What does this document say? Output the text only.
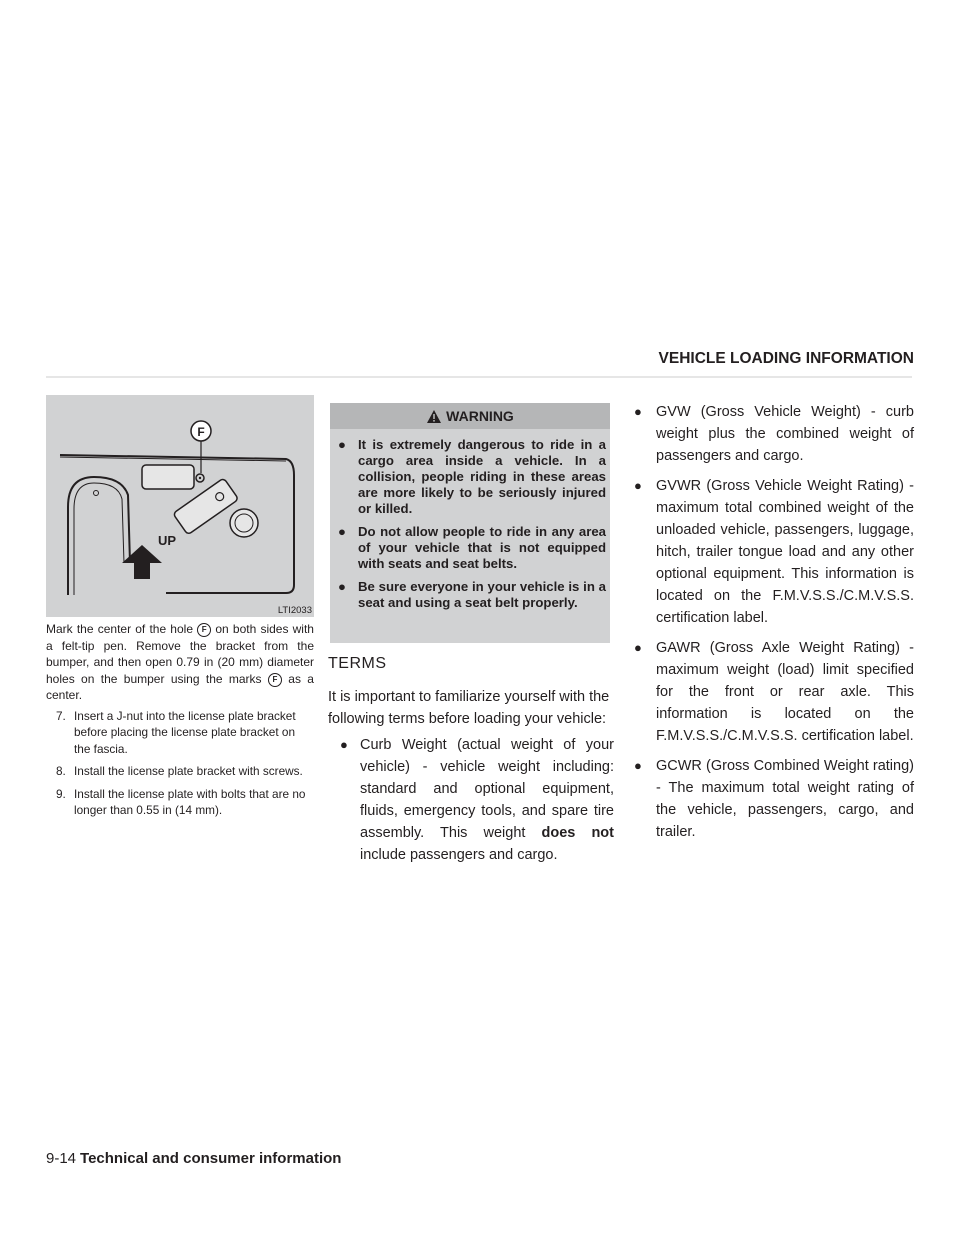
VEHICLE LOADING INFORMATION
F
UP
LTI2033

Mark the center of the hole F on both sides with a felt-tip pen. Remove the bracket from the bumper, and then open 0.79 in (20 mm) diameter holes on the bumper using the marks F as a center.

7. Insert a J-nut into the license plate bracket before placing the license plate bracket on the fascia.
8. Install the license plate bracket with screws.
9. Install the license plate with bolts that are no longer than 0.55 in (14 mm).
WARNING
● It is extremely dangerous to ride in a cargo area inside a vehicle. In a collision, people riding in these areas are more likely to be seriously injured or killed.
● Do not allow people to ride in any area of your vehicle that is not equipped with seats and seat belts.
● Be sure everyone in your vehicle is in a seat and using a seat belt properly.
TERMS

It is important to familiarize yourself with the following terms before loading your vehicle:

● Curb Weight (actual weight of your vehicle) - vehicle weight including: standard and optional equipment, fluids, emergency tools, and spare tire assembly. This weight does not include passengers and cargo.
● GVW (Gross Vehicle Weight) - curb weight plus the combined weight of passengers and cargo.
● GVWR (Gross Vehicle Weight Rating) - maximum total combined weight of the unloaded vehicle, passengers, luggage, hitch, trailer tongue load and any other optional equipment. This information is located on the F.M.V.S.S./C.M.V.S.S. certification label.
● GAWR (Gross Axle Weight Rating) - maximum weight (load) limit specified for the front or rear axle. This information is located on the F.M.V.S.S./C.M.V.S.S. certification label.
● GCWR (Gross Combined Weight rating) - The maximum total weight rating of the vehicle, passengers, cargo, and trailer.
9-14 Technical and consumer information
